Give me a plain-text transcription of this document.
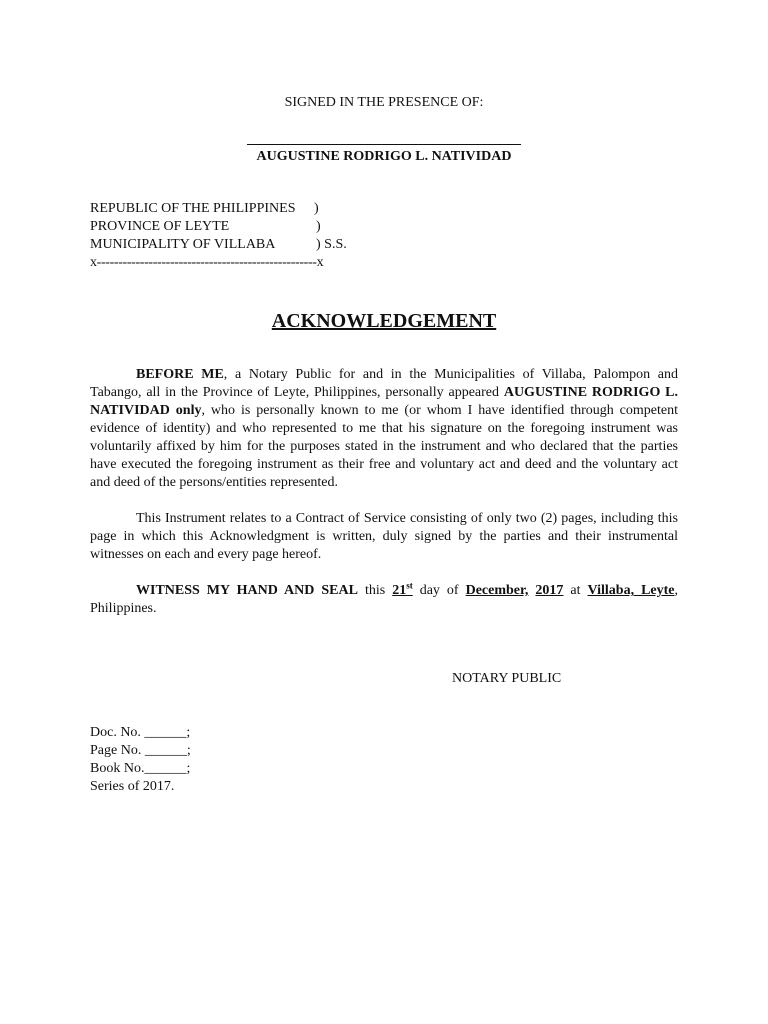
SIGNED IN THE PRESENCE OF:
AUGUSTINE RODRIGO L. NATIVIDAD
REPUBLIC OF THE PHILIPPINES )
PROVINCE OF LEYTE	)
MUNICIPALITY OF VILLABA	) S.S.
x---------------------------------------------------x
ACKNOWLEDGEMENT
BEFORE ME, a Notary Public for and in the Municipalities of Villaba, Palompon and Tabango, all in the Province of Leyte, Philippines, personally appeared AUGUSTINE RODRIGO L. NATIVIDAD only, who is personally known to me (or whom I have identified through competent evidence of identity) and who represented to me that his signature on the foregoing instrument was voluntarily affixed by him for the purposes stated in the instrument and who declared that the parties have executed the foregoing instrument as their free and voluntary act and deed and the voluntary act and deed of the persons/entities represented.
This Instrument relates to a Contract of Service consisting of only two (2) pages, including this page in which this Acknowledgment is written, duly signed by the parties and their instrumental witnesses on each and every page hereof.
WITNESS MY HAND AND SEAL this 21st day of December, 2017 at Villaba, Leyte, Philippines.
NOTARY PUBLIC
Doc. No. ______;
Page No. ______;
Book No.______;
Series of 2017.
